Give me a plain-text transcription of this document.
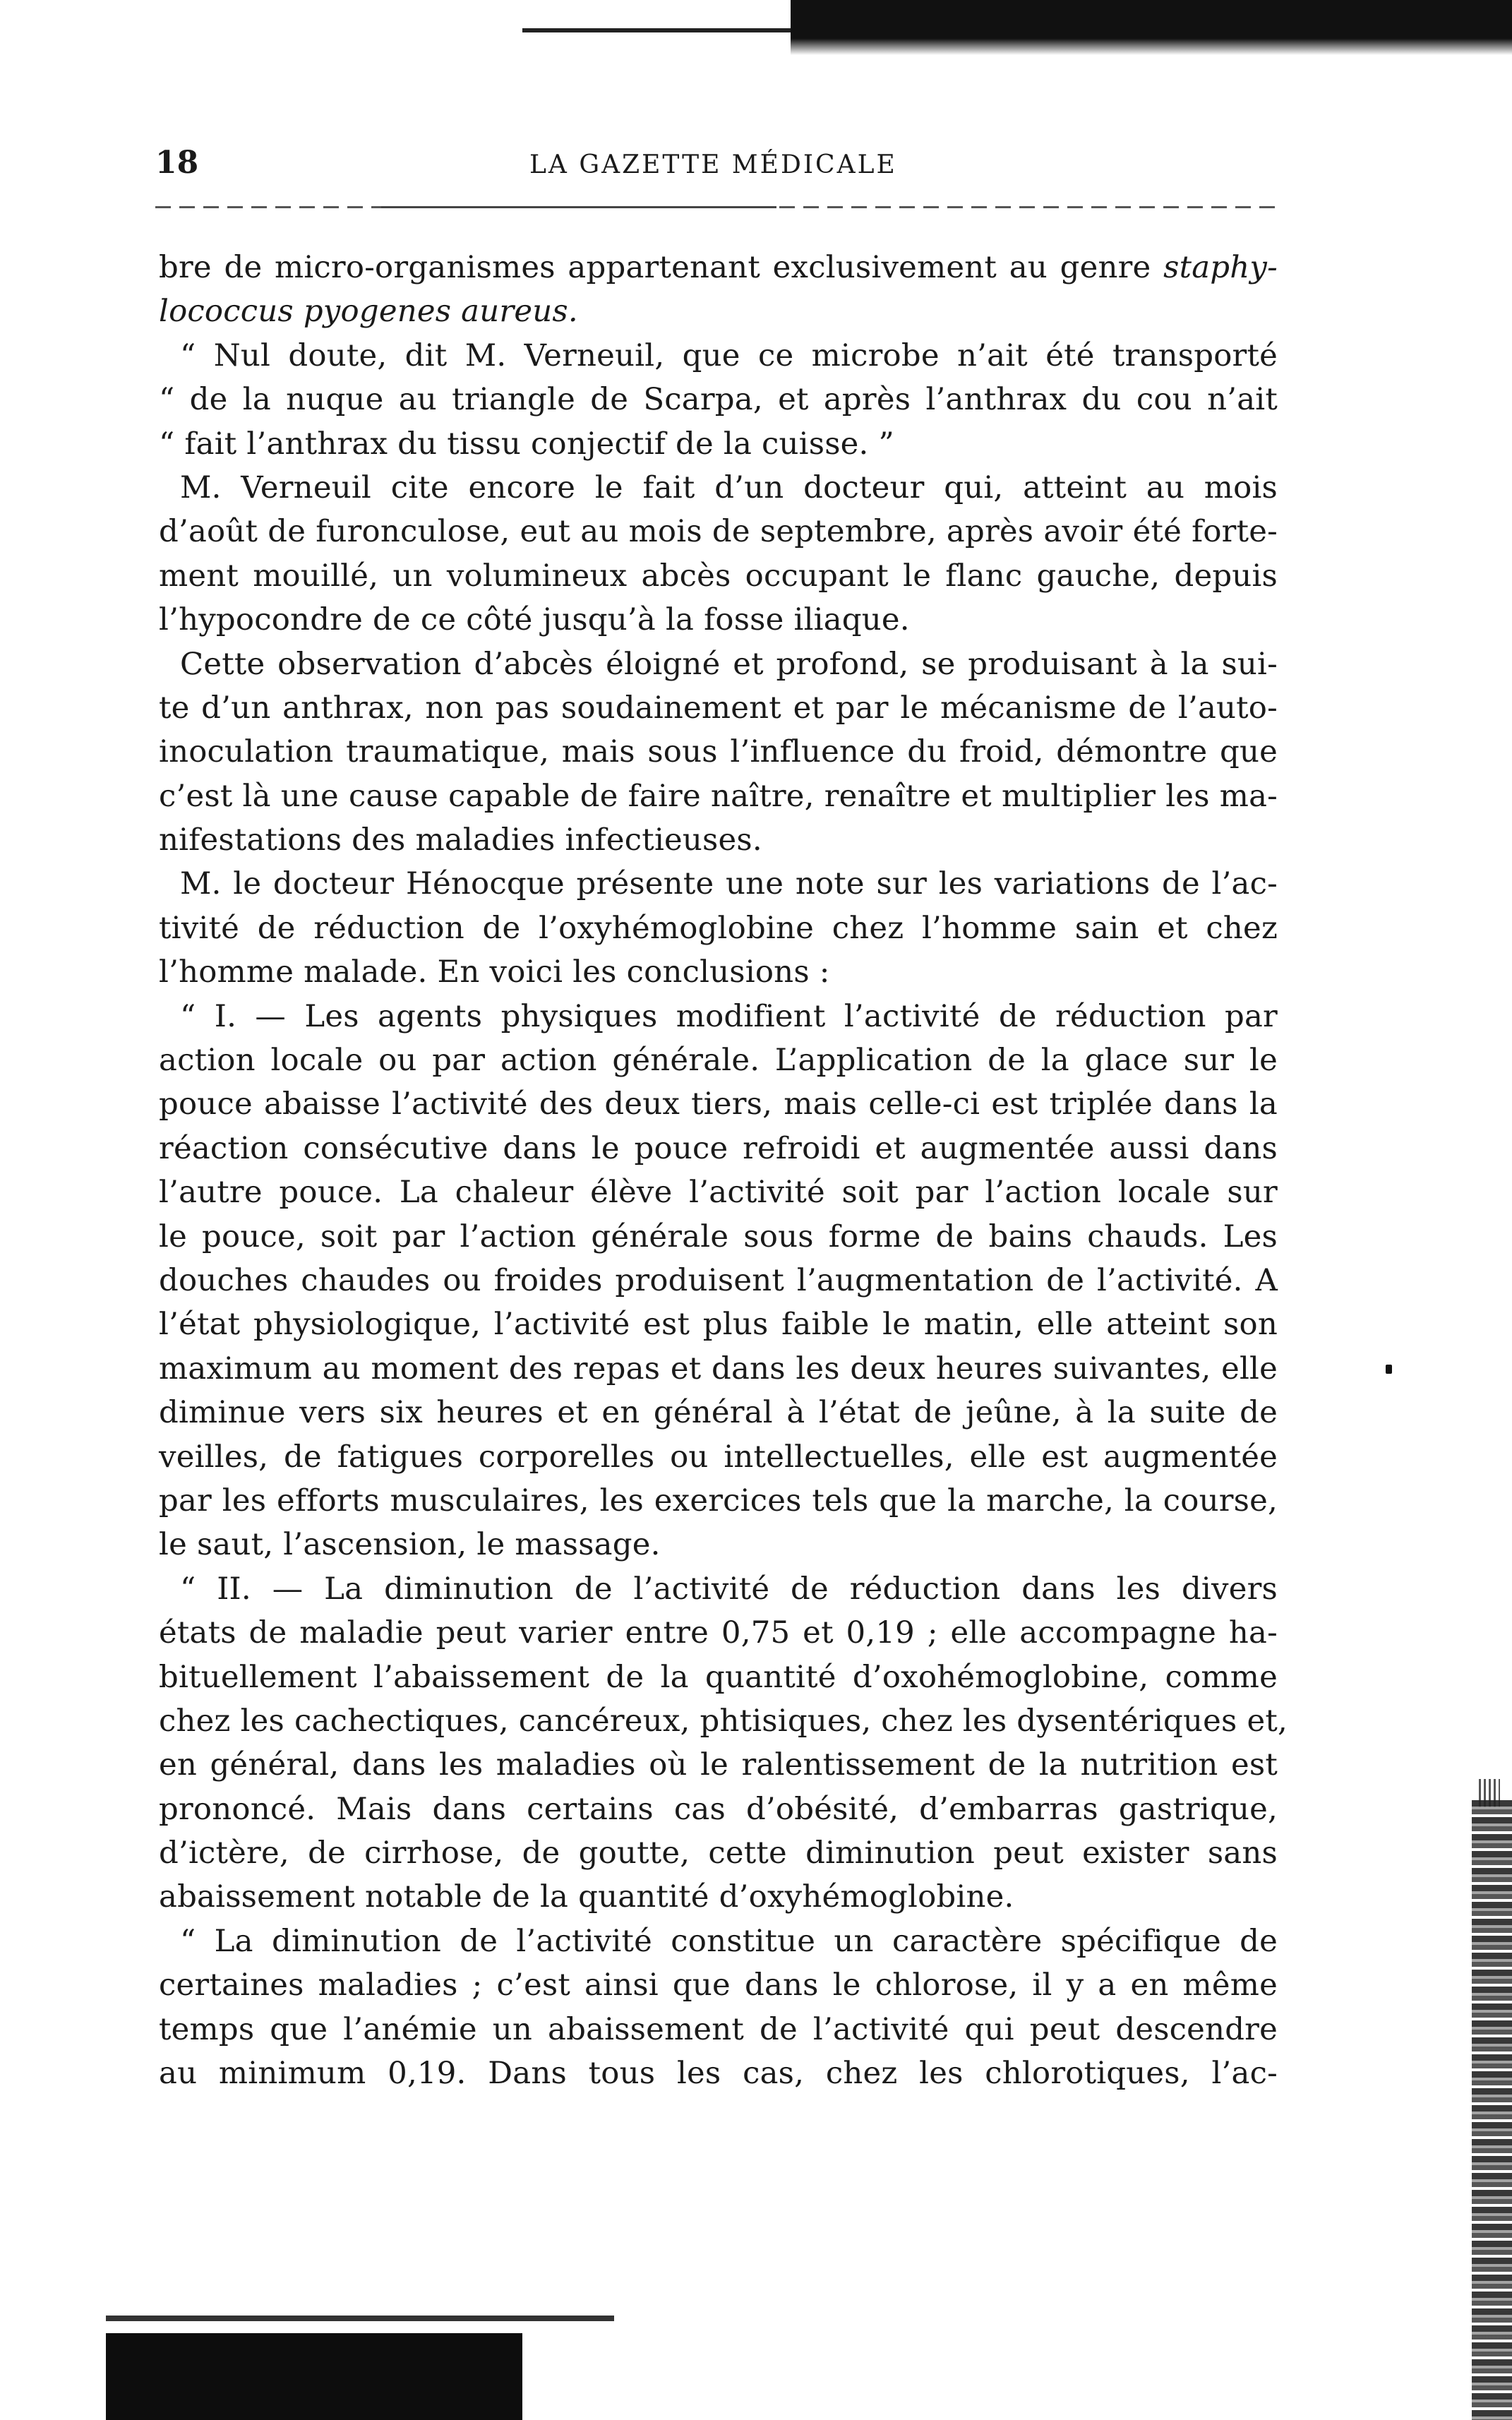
18	LA GAZETTE MÉDICALE
bre de micro-organismes appartenant exclusivement au genre staphy-
lococcus pyogenes aureus.
“ Nul doute, dit M. Verneuil, que ce microbe n’ait été transporté
“ de la nuque au triangle de Scarpa, et après l’anthrax du cou n’ait
“ fait l’anthrax du tissu conjectif de la cuisse. ”
M. Verneuil cite encore le fait d’un docteur qui, atteint au mois
d’août de furonculose, eut au mois de septembre, après avoir été forte-
ment mouillé, un volumineux abcès occupant le flanc gauche, depuis
l’hypocondre de ce côté jusqu’à la fosse iliaque.
Cette observation d’abcès éloigné et profond, se produisant à la sui-
te d’un anthrax, non pas soudainement et par le mécanisme de l’auto-
inoculation traumatique, mais sous l’influence du froid, démontre que
c’est là une cause capable de faire naître, renaître et multiplier les ma-
nifestations des maladies infectieuses.
M. le docteur Hénocque présente une note sur les variations de l’ac-
tivité de réduction de l’oxyhémoglobine chez l’homme sain et chez
l’homme malade. En voici les conclusions :
“ I. — Les agents physiques modifient l’activité de réduction par
action locale ou par action générale. L’application de la glace sur le
pouce abaisse l’activité des deux tiers, mais celle-ci est triplée dans la
réaction consécutive dans le pouce refroidi et augmentée aussi dans
l’autre pouce. La chaleur élève l’activité soit par l’action locale sur
le pouce, soit par l’action générale sous forme de bains chauds. Les
douches chaudes ou froides produisent l’augmentation de l’activité. A
l’état physiologique, l’activité est plus faible le matin, elle atteint son
maximum au moment des repas et dans les deux heures suivantes, elle
diminue vers six heures et en général à l’état de jeûne, à la suite de
veilles, de fatigues corporelles ou intellectuelles, elle est augmentée
par les efforts musculaires, les exercices tels que la marche, la course,
le saut, l’ascension, le massage.
“ II. — La diminution de l’activité de réduction dans les divers
états de maladie peut varier entre 0,75 et 0,19 ; elle accompagne ha-
bituellement l’abaissement de la quantité d’oxohémoglobine, comme
chez les cachectiques, cancéreux, phtisiques, chez les dysentériques et,
en général, dans les maladies où le ralentissement de la nutrition est
prononcé. Mais dans certains cas d’obésité, d’embarras gastrique,
d’ictère, de cirrhose, de goutte, cette diminution peut exister sans
abaissement notable de la quantité d’oxyhémoglobine.
“ La diminution de l’activité constitue un caractère spécifique de
certaines maladies ; c’est ainsi que dans le chlorose, il y a en même
temps que l’anémie un abaissement de l’activité qui peut descendre
au minimum 0,19. Dans tous les cas, chez les chlorotiques, l’ac-
